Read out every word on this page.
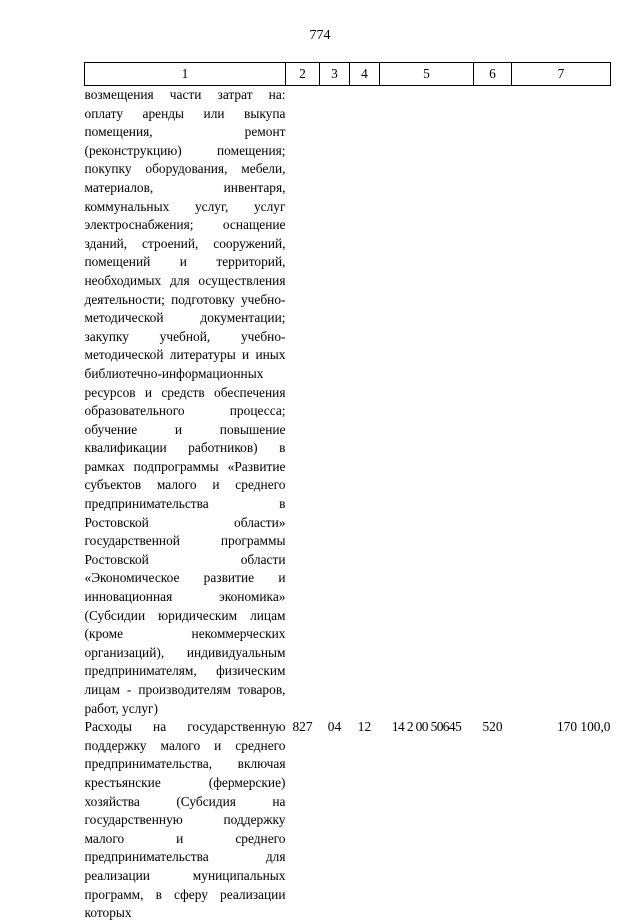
774
1	2	3	4	5	6	7
возмещения части затрат на: оплату аренды или выкупа помещения, ремонт (реконструкцию) помещения; покупку оборудования, мебели, материалов, инвентаря, коммунальных услуг, услуг электроснабжения; оснащение зданий, строений, сооружений, помещений и территорий, необходимых для осуществления деятельности; подготовку учебно-методической документации; закупку учебной, учебно-методической литературы и иных библиотечно-информационных ресурсов и средств обеспечения образовательного процесса; обучение и повышение квалификации работников) в рамках подпрограммы «Развитие субъектов малого и среднего предпринимательства в Ростовской области» государственной программы Ростовской области «Экономическое развитие и инновационная экономика» (Субсидии юридическим лицам (кроме некоммерческих организаций), индивидуальным предпринимателям, физическим лицам - производителям товаров, работ, услуг)						
Расходы на государственную поддержку малого и среднего предпринимательства, включая крестьянские (фермерские) хозяйства (Субсидия на государственную поддержку малого и среднего предпринимательства для реализации муниципальных программ, в сферу реализации которых	827	04	12	14 2 00 50645	520	170 100,0
